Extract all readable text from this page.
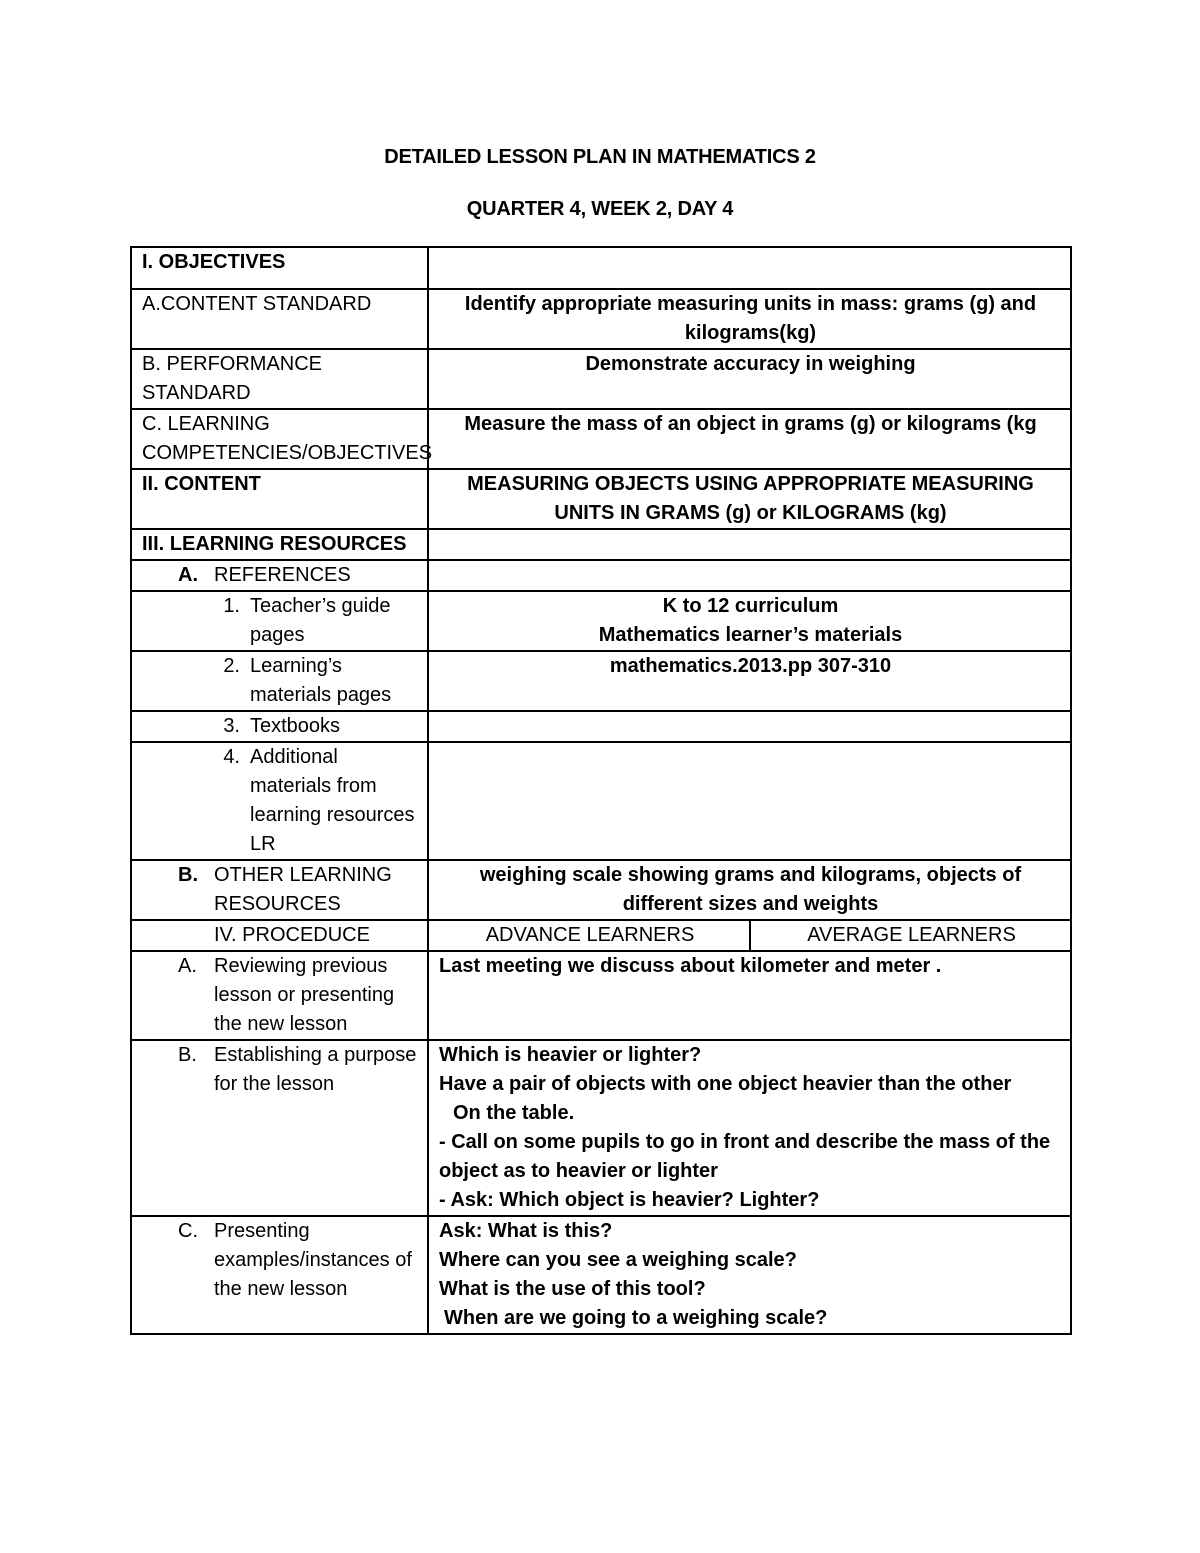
DETAILED LESSON PLAN IN MATHEMATICS 2
QUARTER 4, WEEK 2, DAY 4
I. OBJECTIVES		
A.CONTENT STANDARD	Identify appropriate measuring units in mass: grams (g) and kilograms(kg)	
B. PERFORMANCE STANDARD	Demonstrate accuracy in weighing	
C. LEARNING COMPETENCIES/OBJECTIVES	Measure the mass of an object in grams (g) or kilograms (kg	
II. CONTENT	MEASURING OBJECTS USING APPROPRIATE MEASURING UNITS IN GRAMS (g) or KILOGRAMS (kg)	
III. LEARNING RESOURCES		

A. REFERENCES		

1. Teacher’s guide pages	K to 12 curriculum
Mathematics learner’s materials	

2. Learning’s materials pages	mathematics.2013.pp 307-310	

3. Textbooks		

4. Additional materials from learning resources LR		

B. OTHER LEARNING RESOURCES	weighing scale showing grams and kilograms, objects of different sizes and weights	

IV. PROCEDUCE	ADVANCE LEARNERS	AVERAGE LEARNERS

A. Reviewing previous lesson or presenting the new lesson	Last meeting we discuss about kilometer and meter .	

B. Establishing a purpose for the lesson	Which is heavier or lighter?
Have a pair of objects with one object heavier than the other
On the table.
- Call on some pupils to go in front and describe the mass of the object as to heavier or lighter
- Ask: Which object is heavier? Lighter?	

C. Presenting examples/instances of the new lesson	Ask: What is this?
Where can you see a weighing scale?
What is the use of this tool?
When are we going to a weighing scale?	
